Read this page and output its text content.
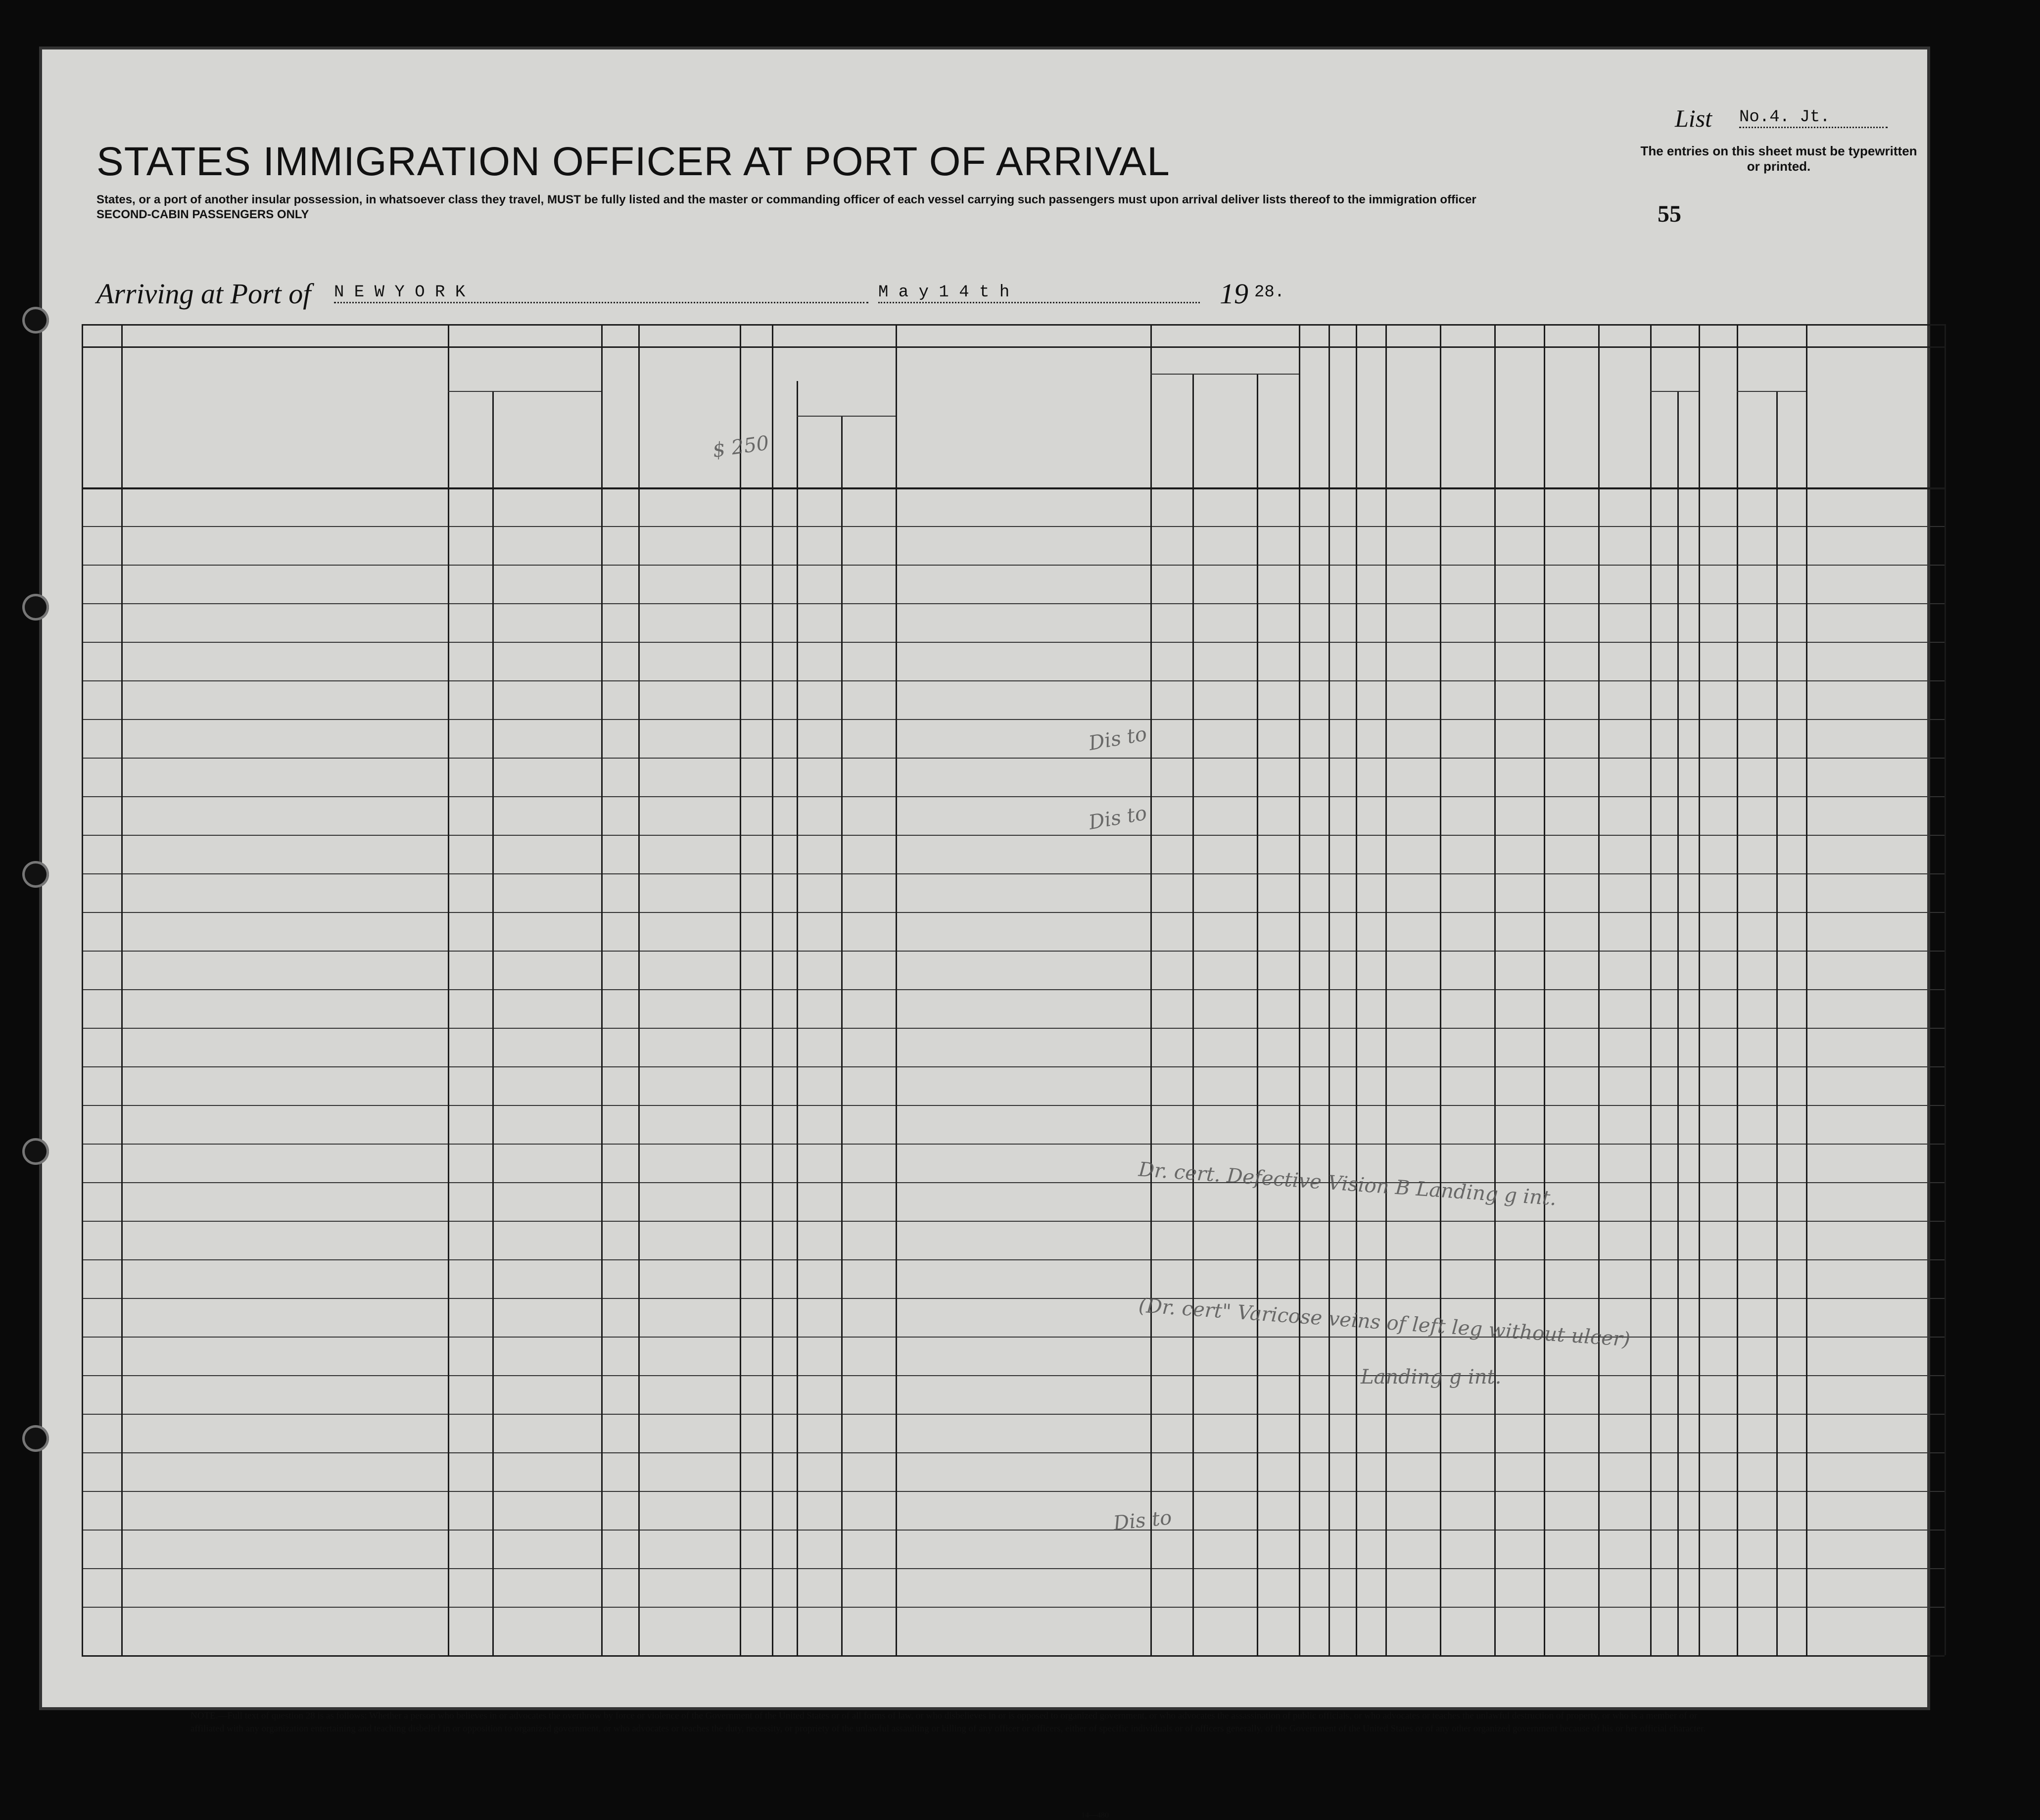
STATES IMMIGRATION OFFICER AT PORT OF ARRIVAL
States, or a port of another insular possession, in whatsoever class they travel, MUST be fully listed and the master or commanding officer of each vessel carrying such passengers must upon arrival deliver lists thereof to the immigration officer
SECOND-CABIN PASSENGERS ONLY
List No.4. Jt.
The entries on this sheet must be typewritten or printed.
55
Arriving at Port of N E W Y O R K	M a y 1 4 t h	19 28.
NOTE.—Full text of question 28 is as follows: Whether a person who believes in or advocates the overthrow by force or violence of the Government of the United States or of all forms of law, or who disbelieves in or is opposed to organized government, or who advocates the assassination of public officials, or who advocates or teaches the unlawful destruction of property, or who is a member of or affiliated with any organization entertaining and teaching disbelief in or opposition to organized government, or who advocates or teaches the duty, necessity, or propriety of the unlawful assaulting or killing of any officer or officers, either of specific individuals or of officers generally, of the Government of the United States or of any other organized government because of his or her official character.
14—480
$ 250
Dis to
Dis to
Dr. cert. Defective Vision B Landing g int.
(Dr. cert" Varicose veins of left leg without ulcer)
Landing g int.
Dis to
